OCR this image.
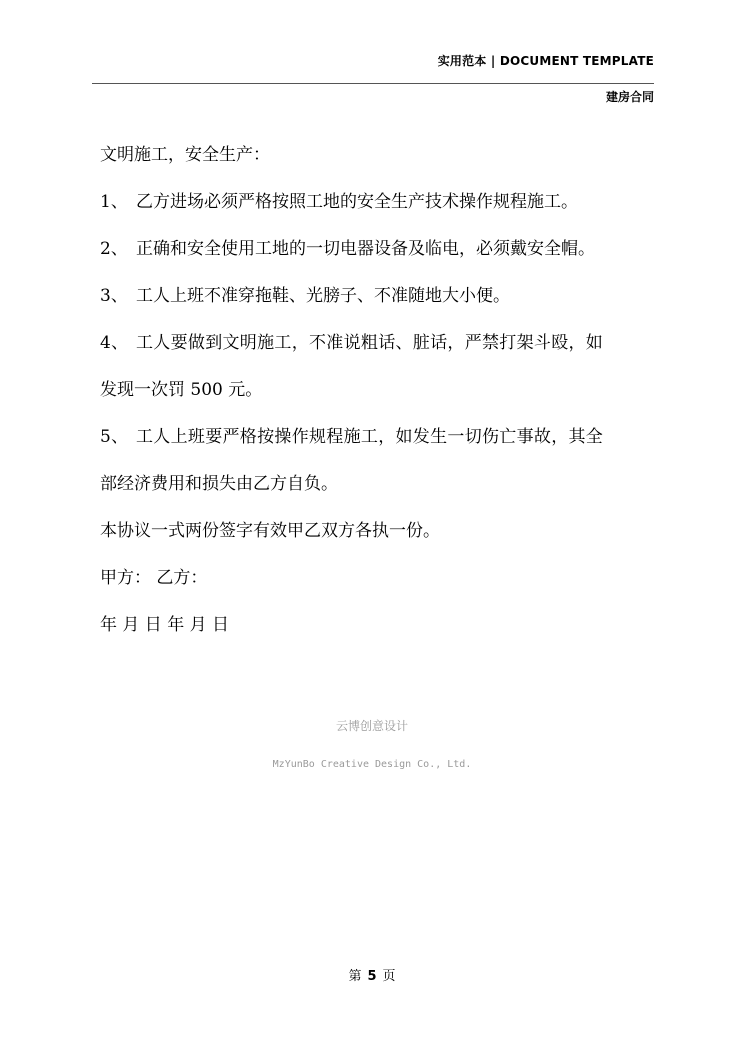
实用范本 | DOCUMENT TEMPLATE
建房合同

文明施工，安全生产：

1、 乙方进场必须严格按照工地的安全生产技术操作规程施工。

2、 正确和安全使用工地的一切电器设备及临电，必须戴安全帽。

3、 工人上班不准穿拖鞋、光膀子、不准随地大小便。

4、 工人要做到文明施工，不准说粗话、脏话，严禁打架斗殴，如

发现一次罚 500 元。

5、 工人上班要严格按操作规程施工，如发生一切伤亡事故，其全

部经济费用和损失由乙方自负。

本协议一式两份签字有效甲乙双方各执一份。

甲方： 乙方：

年 月 日 年 月 日

云博创意设计
MzYunBo Creative Design Co., Ltd.
第 5 页
